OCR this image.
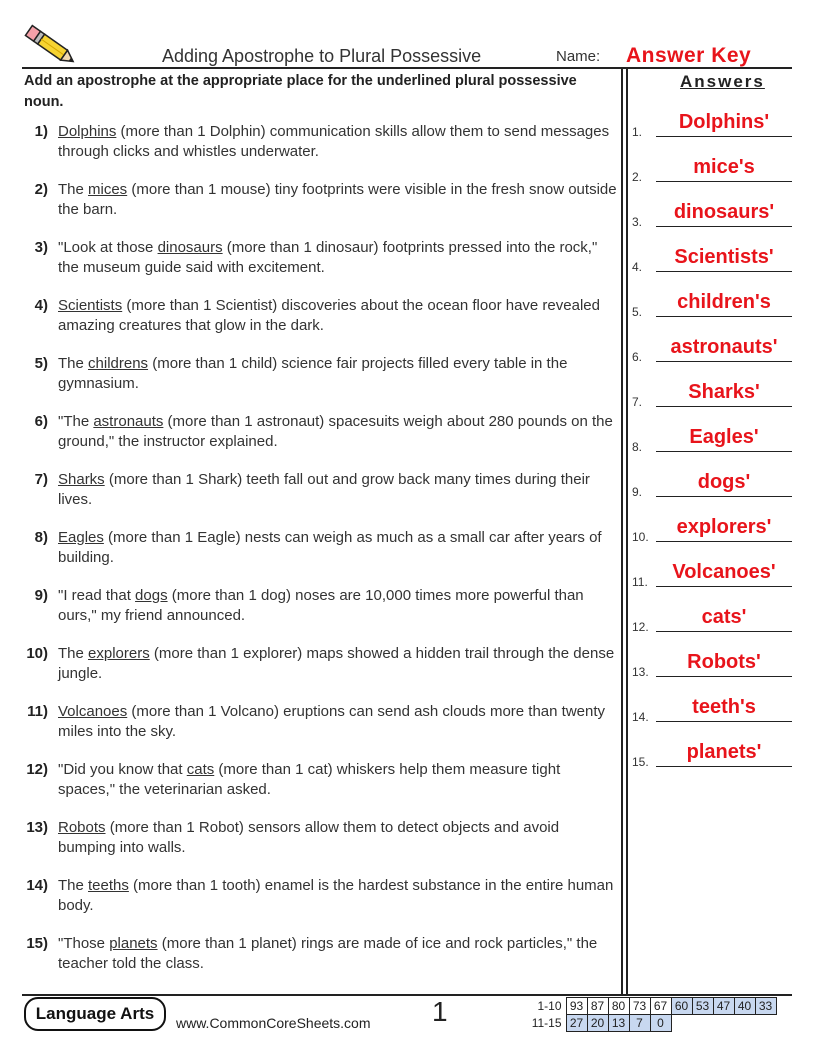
Adding Apostrophe to Plural Possessive	Name: Answer Key
Add an apostrophe at the appropriate place for the underlined plural possessive noun.
1) Dolphins (more than 1 Dolphin) communication skills allow them to send messages through clicks and whistles underwater.
2) The mices (more than 1 mouse) tiny footprints were visible in the fresh snow outside the barn.
3) "Look at those dinosaurs (more than 1 dinosaur) footprints pressed into the rock," the museum guide said with excitement.
4) Scientists (more than 1 Scientist) discoveries about the ocean floor have revealed amazing creatures that glow in the dark.
5) The childrens (more than 1 child) science fair projects filled every table in the gymnasium.
6) "The astronauts (more than 1 astronaut) spacesuits weigh about 280 pounds on the ground," the instructor explained.
7) Sharks (more than 1 Shark) teeth fall out and grow back many times during their lives.
8) Eagles (more than 1 Eagle) nests can weigh as much as a small car after years of building.
9) "I read that dogs (more than 1 dog) noses are 10,000 times more powerful than ours," my friend announced.
10) The explorers (more than 1 explorer) maps showed a hidden trail through the dense jungle.
11) Volcanoes (more than 1 Volcano) eruptions can send ash clouds more than twenty miles into the sky.
12) "Did you know that cats (more than 1 cat) whiskers help them measure tight spaces," the veterinarian asked.
13) Robots (more than 1 Robot) sensors allow them to detect objects and avoid bumping into walls.
14) The teeths (more than 1 tooth) enamel is the hardest substance in the entire human body.
15) "Those planets (more than 1 planet) rings are made of ice and rock particles," the teacher told the class.
Answers
1.	Dolphins'
2.	mice's
3.	dinosaurs'
4.	Scientists'
5.	children's
6.	astronauts'
7.	Sharks'
8.	Eagles'
9.	dogs'
10.	explorers'
11.	Volcanoes'
12.	cats'
13.	Robots'
14.	teeth's
15.	planets'
Language Arts	www.CommonCoreSheets.com 1	1-10	93	87	80	73	67	60	53	47	40	33
11-15	27	20	13	7	0					
